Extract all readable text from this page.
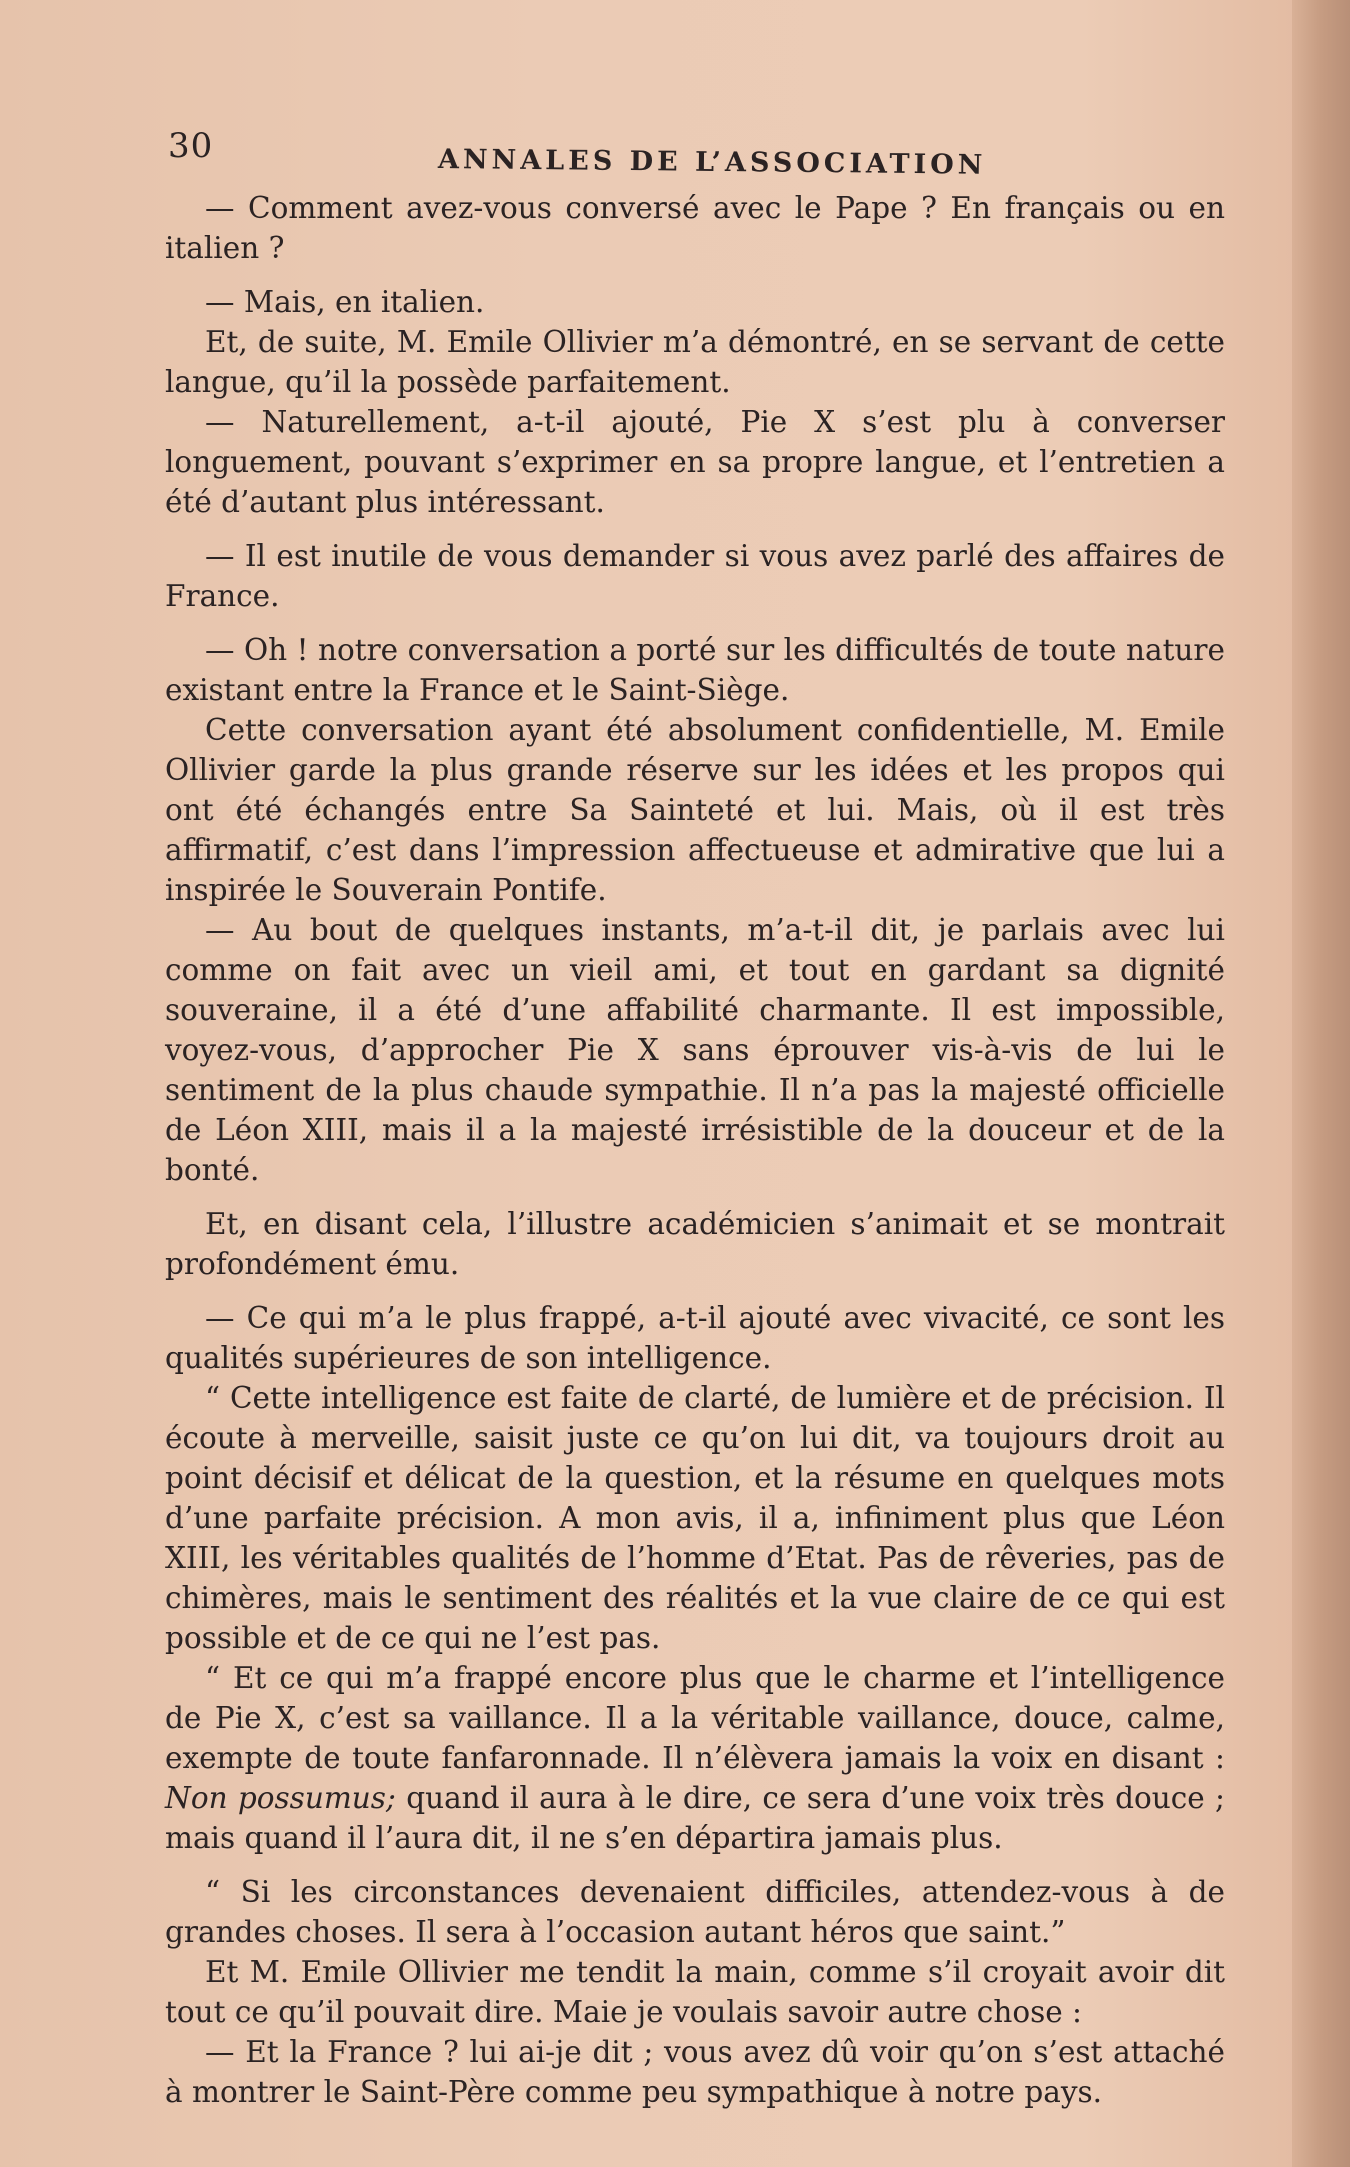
30	ANNALES DE L’ASSOCIATION

— Comment avez-vous conversé avec le Pape ? En français ou en italien ?

— Mais, en italien.

Et, de suite, M. Emile Ollivier m’a démontré, en se servant de cette langue, qu’il la possède parfaitement.

— Naturellement, a-t-il ajouté, Pie X s’est plu à converser longuement, pouvant s’exprimer en sa propre langue, et l’entretien a été d’autant plus intéressant.

— Il est inutile de vous demander si vous avez parlé des affaires de France.

— Oh ! notre conversation a porté sur les difficultés de toute nature existant entre la France et le Saint-Siège.

Cette conversation ayant été absolument confidentielle, M. Emile Ollivier garde la plus grande réserve sur les idées et les propos qui ont été échangés entre Sa Sainteté et lui. Mais, où il est très affirmatif, c’est dans l’impression affectueuse et admirative que lui a inspirée le Souverain Pontife.

— Au bout de quelques instants, m’a-t-il dit, je parlais avec lui comme on fait avec un vieil ami, et tout en gardant sa dignité souveraine, il a été d’une affabilité charmante. Il est impossible, voyez-vous, d’approcher Pie X sans éprouver vis-à-vis de lui le sentiment de la plus chaude sympathie. Il n’a pas la majesté officielle de Léon XIII, mais il a la majesté irrésistible de la douceur et de la bonté.

Et, en disant cela, l’illustre académicien s’animait et se montrait profondément ému.

— Ce qui m’a le plus frappé, a-t-il ajouté avec vivacité, ce sont les qualités supérieures de son intelligence.

“ Cette intelligence est faite de clarté, de lumière et de précision. Il écoute à merveille, saisit juste ce qu’on lui dit, va toujours droit au point décisif et délicat de la question, et la résume en quelques mots d’une parfaite précision. A mon avis, il a, infiniment plus que Léon XIII, les véritables qualités de l’homme d’Etat. Pas de rêveries, pas de chimères, mais le sentiment des réalités et la vue claire de ce qui est possible et de ce qui ne l’est pas.

“ Et ce qui m’a frappé encore plus que le charme et l’intelligence de Pie X, c’est sa vaillance. Il a la véritable vaillance, douce, calme, exempte de toute fanfaronnade. Il n’élèvera jamais la voix en disant : Non possumus; quand il aura à le dire, ce sera d’une voix très douce ; mais quand il l’aura dit, il ne s’en départira jamais plus.

“ Si les circonstances devenaient difficiles, attendez-vous à de grandes choses. Il sera à l’occasion autant héros que saint.”

Et M. Emile Ollivier me tendit la main, comme s’il croyait avoir dit tout ce qu’il pouvait dire. Maie je voulais savoir autre chose :

— Et la France ? lui ai-je dit ; vous avez dû voir qu’on s’est attaché à montrer le Saint-Père comme peu sympathique à notre pays.
